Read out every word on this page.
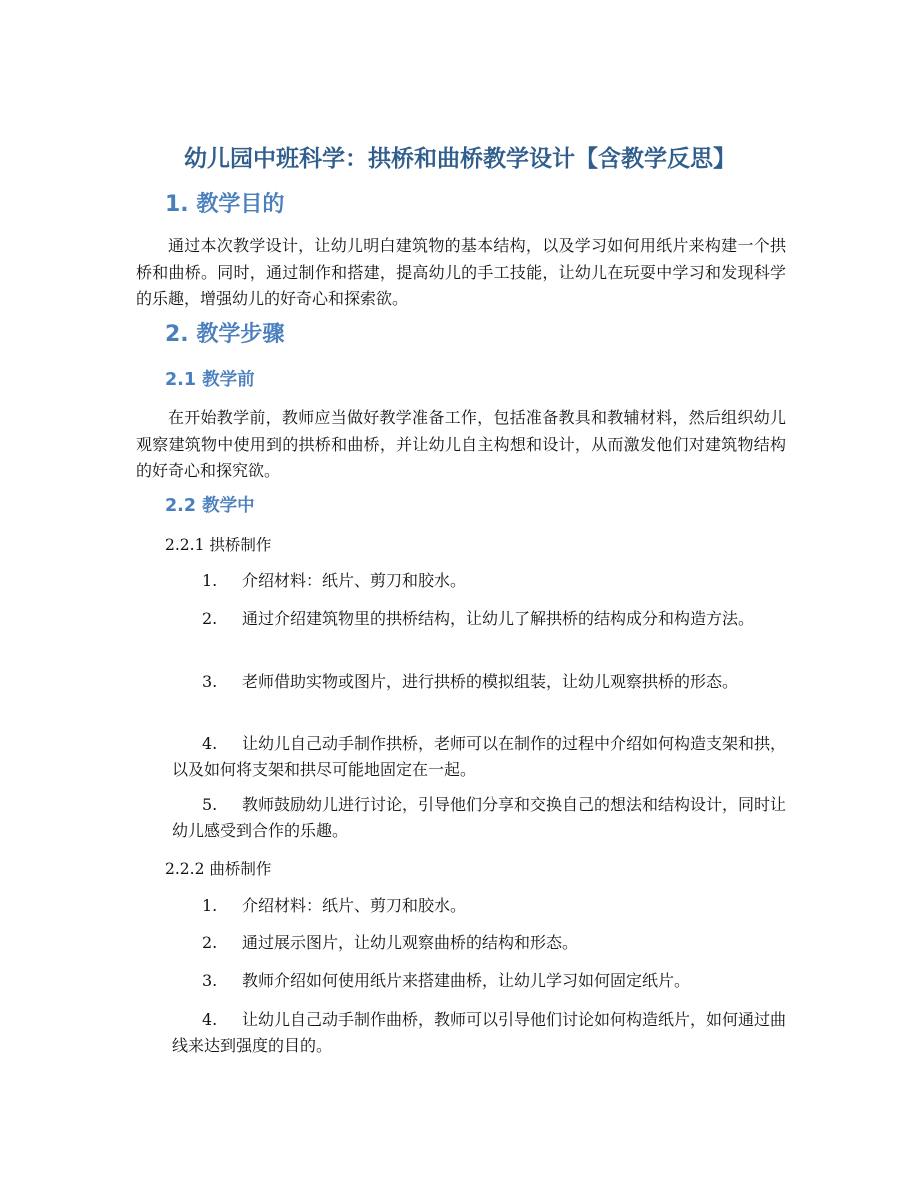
幼儿园中班科学：拱桥和曲桥教学设计【含教学反思】
1. 教学目的

通过本次教学设计，让幼儿明白建筑物的基本结构，以及学习如何用纸片来构建一个拱桥和曲桥。同时，通过制作和搭建，提高幼儿的手工技能，让幼儿在玩耍中学习和发现科学的乐趣，增强幼儿的好奇心和探索欲。

2. 教学步骤
2.1 教学前

在开始教学前，教师应当做好教学准备工作，包括准备教具和教辅材料，然后组织幼儿观察建筑物中使用到的拱桥和曲桥，并让幼儿自主构想和设计，从而激发他们对建筑物结构的好奇心和探究欲。

2.2 教学中
2.2.1 拱桥制作

1. 介绍材料：纸片、剪刀和胶水。

2. 通过介绍建筑物里的拱桥结构，让幼儿了解拱桥的结构成分和构造方法。

3. 老师借助实物或图片，进行拱桥的模拟组装，让幼儿观察拱桥的形态。

4. 让幼儿自己动手制作拱桥，老师可以在制作的过程中介绍如何构造支架和拱，以及如何将支架和拱尽可能地固定在一起。

5. 教师鼓励幼儿进行讨论，引导他们分享和交换自己的想法和结构设计，同时让幼儿感受到合作的乐趣。

2.2.2 曲桥制作

1. 介绍材料：纸片、剪刀和胶水。

2. 通过展示图片，让幼儿观察曲桥的结构和形态。

3. 教师介绍如何使用纸片来搭建曲桥，让幼儿学习如何固定纸片。

4. 让幼儿自己动手制作曲桥，教师可以引导他们讨论如何构造纸片，如何通过曲线来达到强度的目的。
